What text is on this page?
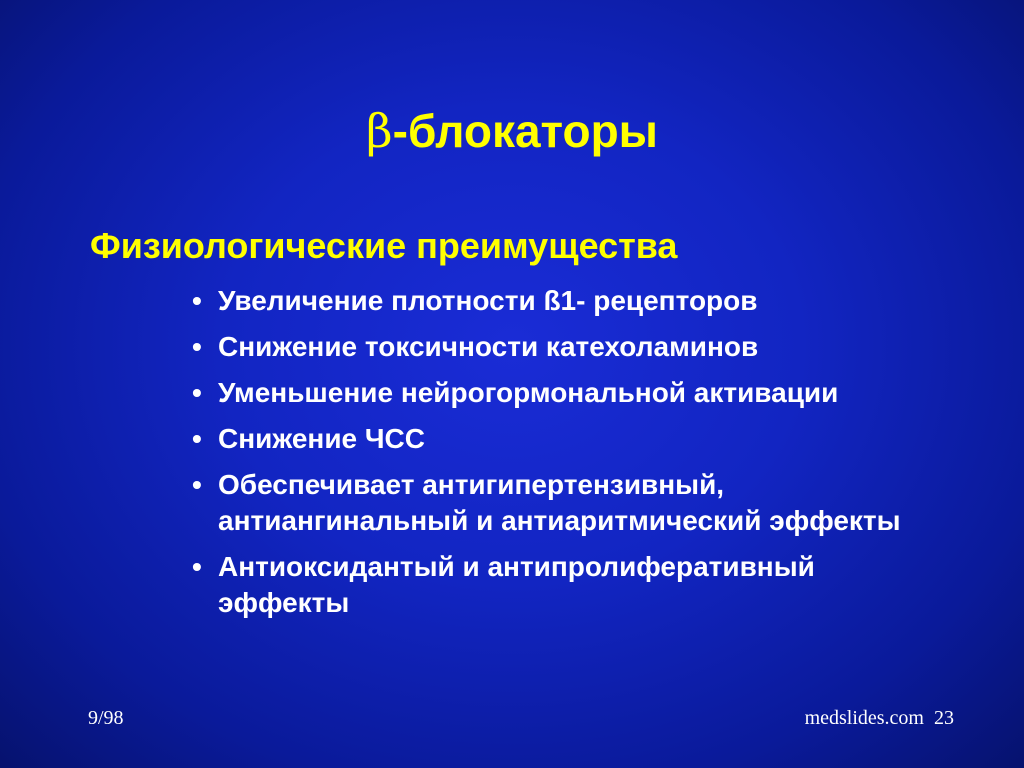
β-блокаторы
Физиологические преимущества
• Увеличение плотности ß1- рецепторов
• Снижение токсичности катехоламинов
• Уменьшение нейрогормональной активации
• Снижение ЧСС
• Обеспечивает антигипертензивный, антиангинальный и антиаритмический эффекты
• Антиоксидантый и антипролиферативный эффекты
9/98	medslides.com  23
